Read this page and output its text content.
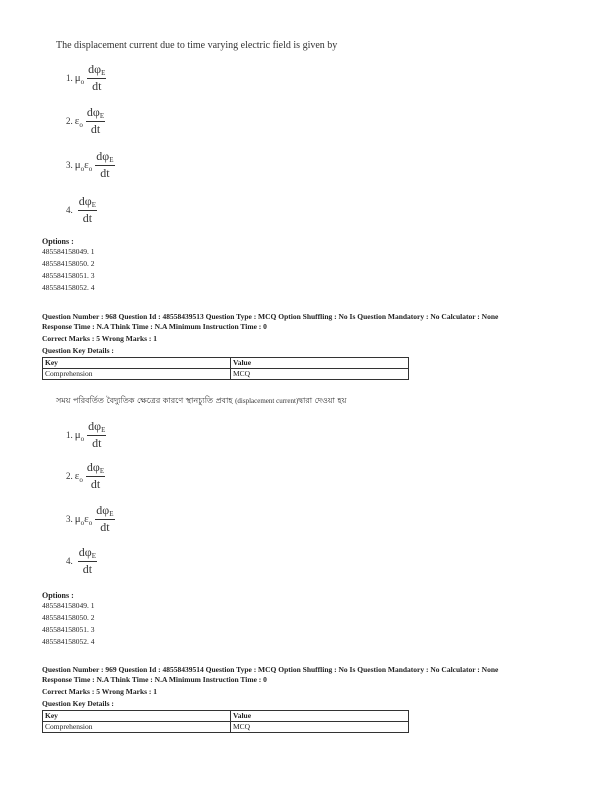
The displacement current due to time varying electric field is given by
1. $\mu_o \frac{\text{dφE}}{dt}$
2. $\varepsilon_o \frac{\text{dφE}}{dt}$
3. $\mu_o\varepsilon_o \frac{\text{dφE}}{dt}$
4. $\frac{\text{dφE}}{dt}$
Options :
485584158049. 1
485584158050. 2
485584158051. 3
485584158052. 4
Question Number : 968 Question Id : 48558439513 Question Type : MCQ Option Shuffling : No Is Question Mandatory : No Calculator : None
Response Time : N.A Think Time : N.A Minimum Instruction Time : 0
Correct Marks : 5 Wrong Marks : 1
Question Key Details :
Key	Value
Comprehension	MCQ
সময় পরিবর্তিত বৈদ্যুতিক ক্ষেত্রের কারণে স্থানচ্যুতি প্রবাহ (displacement current)দ্বারা দেওয়া হয়
1. $\mu_o \frac{\text{dφE}}{dt}$
2. $\varepsilon_o \frac{\text{dφE}}{dt}$
3. $\mu_o\varepsilon_o \frac{\text{dφE}}{dt}$
4. $\frac{\text{dφE}}{dt}$
Options :
485584158049. 1
485584158050. 2
485584158051. 3
485584158052. 4
Question Number : 969 Question Id : 48558439514 Question Type : MCQ Option Shuffling : No Is Question Mandatory : No Calculator : None
Response Time : N.A Think Time : N.A Minimum Instruction Time : 0
Correct Marks : 5 Wrong Marks : 1
Question Key Details :
Key	Value
Comprehension	MCQ
